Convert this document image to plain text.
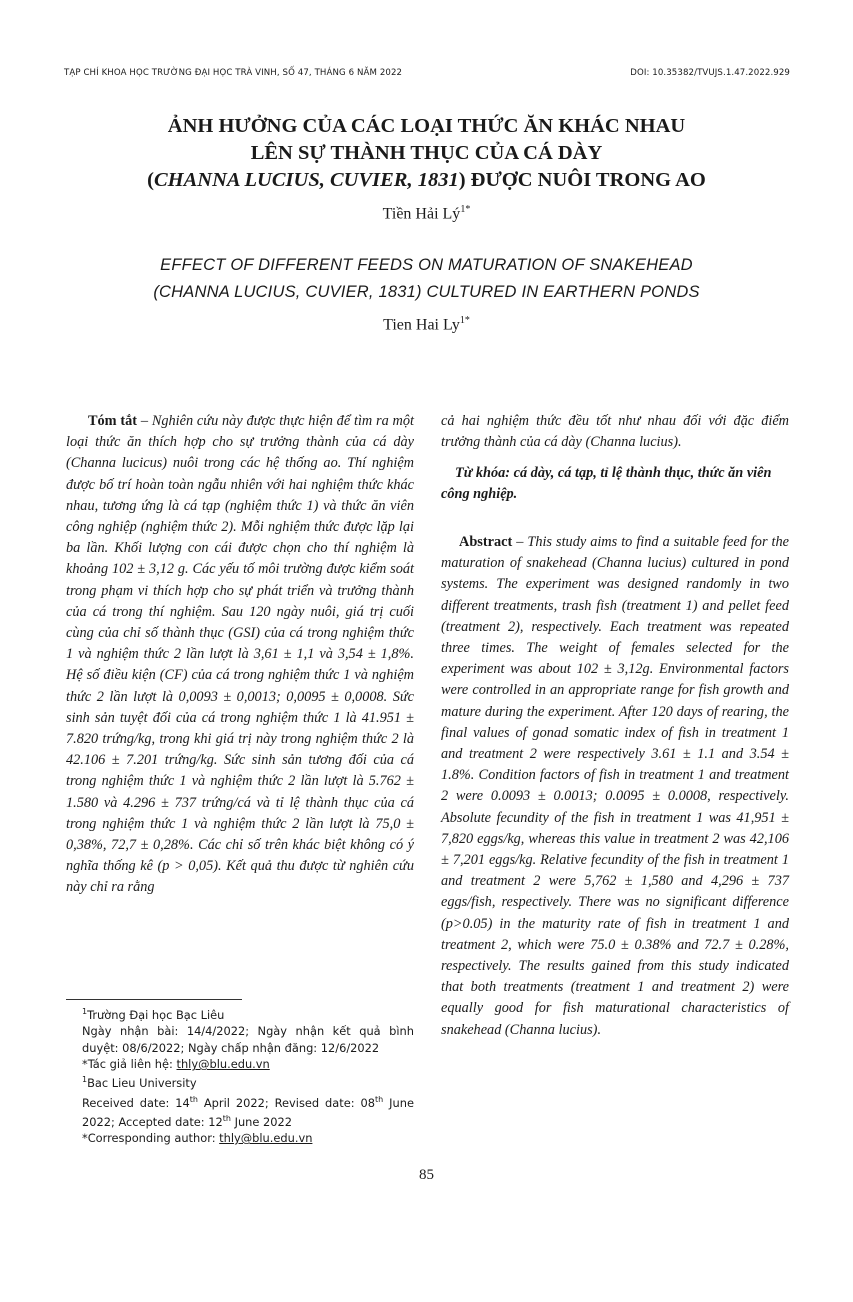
TẠP CHÍ KHOA HỌC TRƯỜNG ĐẠI HỌC TRÀ VINH, SỐ 47, THÁNG 6 NĂM 2022	DOI: 10.35382/TVUJS.1.47.2022.929
ẢNH HƯỞNG CỦA CÁC LOẠI THỨC ĂN KHÁC NHAU
LÊN SỰ THÀNH THỤC CỦA CÁ DÀY
(CHANNA LUCIUS, CUVIER, 1831) ĐƯỢC NUÔI TRONG AO
Tiền Hải $Lý^{1*}$
EFFECT OF DIFFERENT FEEDS ON MATURATION OF SNAKEHEAD
(CHANNA LUCIUS, CUVIER, 1831) CULTURED IN EARTHERN PONDS
Tien Hai $Ly^{1*}$
Tóm tắt – Nghiên cứu này được thực hiện để tìm ra một loại thức ăn thích hợp cho sự trưởng thành của cá dày (Channa lucicus) nuôi trong các hệ thống ao. Thí nghiệm được bố trí hoàn toàn ngẫu nhiên với hai nghiệm thức khác nhau, tương ứng là cá tạp (nghiệm thức 1) và thức ăn viên công nghiệp (nghiệm thức 2). Mỗi nghiệm thức được lặp lại ba lần. Khối lượng con cái được chọn cho thí nghiệm là khoảng 102 ± 3,12 g. Các yếu tố môi trường được kiểm soát trong phạm vi thích hợp cho sự phát triển và trưởng thành của cá trong thí nghiệm. Sau 120 ngày nuôi, giá trị cuối cùng của chỉ số thành thục (GSI) của cá trong nghiệm thức 1 và nghiệm thức 2 lần lượt là 3,61 ± 1,1 và 3,54 ± 1,8%. Hệ số điều kiện (CF) của cá trong nghiệm thức 1 và nghiệm thức 2 lần lượt là 0,0093 ± 0,0013; 0,0095 ± 0,0008. Sức sinh sản tuyệt đối của cá trong nghiệm thức 1 là 41.951 ± 7.820 trứng/kg, trong khi giá trị này trong nghiệm thức 2 là 42.106 ± 7.201 trứng/kg. Sức sinh sản tương đối của cá trong nghiệm thức 1 và nghiệm thức 2 lần lượt là 5.762 ± 1.580 và 4.296 ± 737 trứng/cá và tỉ lệ thành thục của cá trong nghiệm thức 1 và nghiệm thức 2 lần lượt là 75,0 ± 0,38%, 72,7 ± 0,28%. Các chỉ số trên khác biệt không có ý nghĩa thống kê (p > 0,05). Kết quả thu được từ nghiên cứu này chỉ ra rằng
cả hai nghiệm thức đều tốt như nhau đối với đặc điểm trưởng thành của cá dày (Channa lucius).
Từ khóa: cá dày, cá tạp, tỉ lệ thành thục, thức ăn viên công nghiệp.
Abstract – This study aims to find a suitable feed for the maturation of snakehead (Channa lucius) cultured in pond systems. The experiment was designed randomly in two different treatments, trash fish (treatment 1) and pellet feed (treatment 2), respectively. Each treatment was repeated three times. The weight of females selected for the experiment was about 102 ± 3,12g. Environmental factors were controlled in an appropriate range for fish growth and mature during the experiment. After 120 days of rearing, the final values of gonad somatic index of fish in treatment 1 and treatment 2 were respectively 3.61 ± 1.1 and 3.54 ± 1.8%. Condition factors of fish in treatment 1 and treatment 2 were 0.0093 ± 0.0013; 0.0095 ± 0.0008, respectively. Absolute fecundity of the fish in treatment 1 was 41,951 ± 7,820 eggs/kg, whereas this value in treatment 2 was 42,106 ± 7,201 eggs/kg. Relative fecundity of the fish in treatment 1 and treatment 2 were 5,762 ± 1,580 and 4,296 ± 737 eggs/fish, respectively. There was no significant difference (p>0.05) in the maturity rate of fish in treatment 1 and treatment 2, which were 75.0 ± 0.38% and 72.7 ± 0.28%, respectively. The results gained from this study indicated that both treatments (treatment 1 and treatment 2) were equally good for fish maturational characteristics of snakehead (Channa lucius).
$^1$Trường Đại học Bạc Liêu
Ngày nhận bài: 14/4/2022; Ngày nhận kết quả bình duyệt: 08/6/2022; Ngày chấp nhận đăng: 12/6/2022
*Tác giả liên hệ: thly@blu.edu.vn
$^1$Bac Lieu University
Received date: 14th April 2022; Revised date: 08th June 2022; Accepted date: 12th June 2022
*Corresponding author: thly@blu.edu.vn
85
